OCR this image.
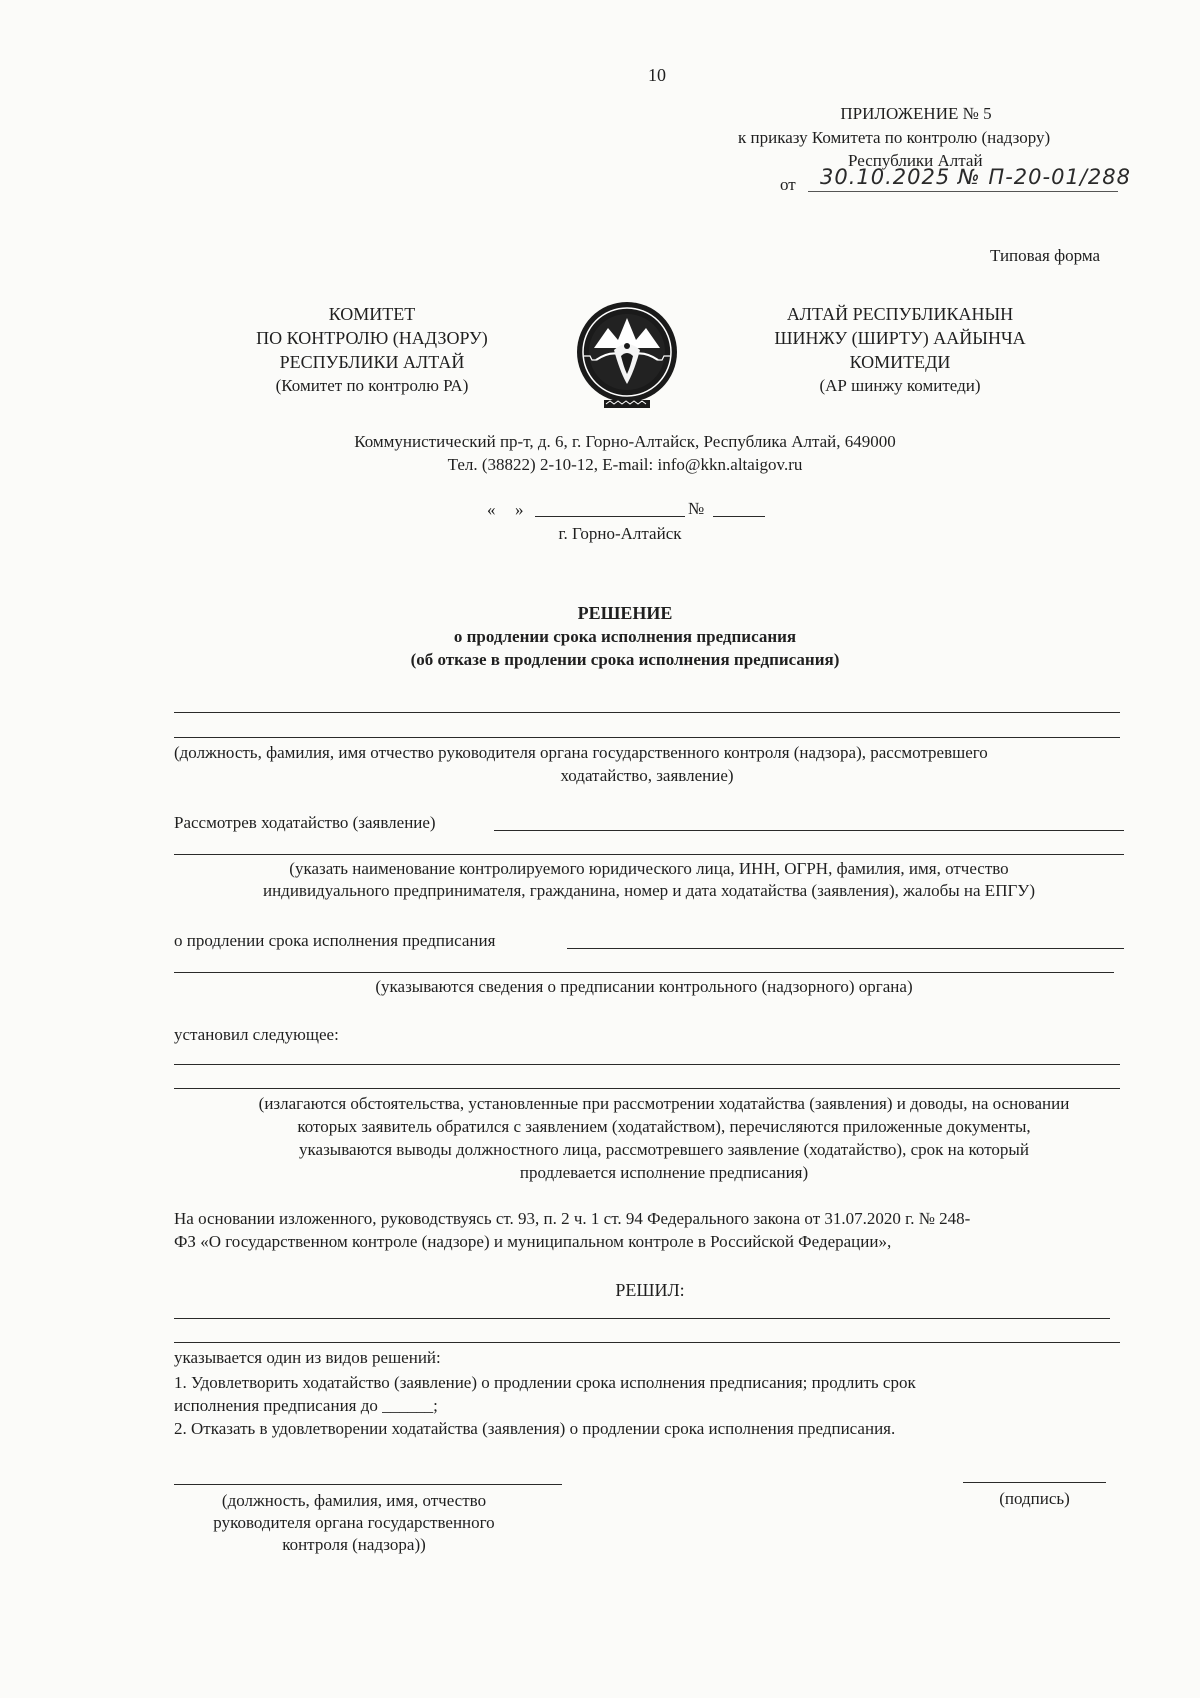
10
ПРИЛОЖЕНИЕ № 5
к приказу Комитета по контролю (надзору)
Республики Алтай
от 30.10.2025 № П-20-01/288
Типовая форма
КОМИТЕТ
ПО КОНТРОЛЮ (НАДЗОРУ)
РЕСПУБЛИКИ АЛТАЙ
(Комитет по контролю РА)
АЛТАЙ РЕСПУБЛИКАНЫН
ШИНЖУ (ШИРТУ) ААЙЫНЧА
КОМИТЕДИ
(АР шинжу комитеди)
Коммунистический пр-т, д. 6, г. Горно-Алтайск, Республика Алтай, 649000
Тел. (38822) 2-10-12, E-mail: info@kkn.altaigov.ru
« »	№
г. Горно-Алтайск
РЕШЕНИЕ
о продлении срока исполнения предписания
(об отказе в продлении срока исполнения предписания)
(должность, фамилия, имя отчество руководителя органа государственного контроля (надзора), рассмотревшего
ходатайство, заявление)
Рассмотрев ходатайство (заявление)
(указать наименование контролируемого юридического лица, ИНН, ОГРН, фамилия, имя, отчество
индивидуального предпринимателя, гражданина, номер и дата ходатайства (заявления), жалобы на ЕПГУ)
о продлении срока исполнения предписания
(указываются сведения о предписании контрольного (надзорного) органа)
установил следующее:
(излагаются обстоятельства, установленные при рассмотрении ходатайства (заявления) и доводы, на основании
которых заявитель обратился с заявлением (ходатайством), перечисляются приложенные документы,
указываются выводы должностного лица, рассмотревшего заявление (ходатайство), срок на который
продлевается исполнение предписания)
На основании изложенного, руководствуясь ст. 93, п. 2 ч. 1 ст. 94 Федерального закона от 31.07.2020 г. № 248-
ФЗ «О государственном контроле (надзоре) и муниципальном контроле в Российской Федерации»,
РЕШИЛ:
указывается один из видов решений:
1. Удовлетворить ходатайство (заявление) о продлении срока исполнения предписания; продлить срок
исполнения предписания до ______;
2. Отказать в удовлетворении ходатайства (заявления) о продлении срока исполнения предписания.
(должность, фамилия, имя, отчество
руководителя органа государственного
контроля (надзора))
(подпись)
